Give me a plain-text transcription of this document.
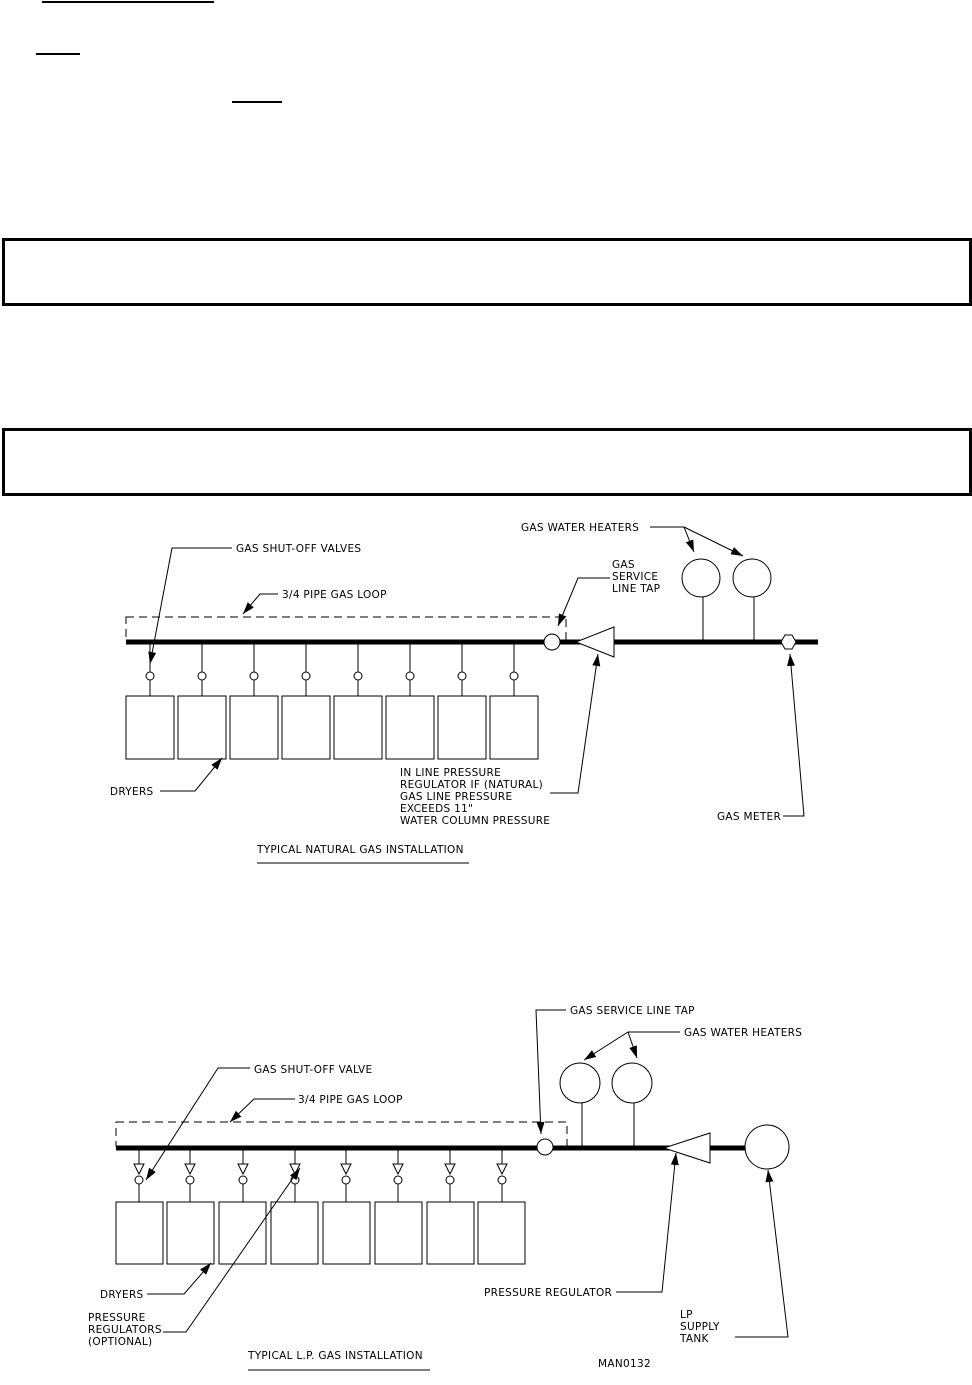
GAS WATER HEATERS
GAS SHUT-OFF VALVES
3/4 PIPE GAS LOOP
GAS
SERVICE
LINE TAP
DRYERS
IN LINE PRESSURE
REGULATOR IF (NATURAL)
GAS LINE PRESSURE
EXCEEDS 11"
WATER COLUMN PRESSURE	GAS METER
TYPICAL NATURAL GAS INSTALLATION
GAS SERVICE LINE TAP
GAS WATER HEATERS
GAS SHUT-OFF VALVE
3/4 PIPE GAS LOOP
DRYERS
PRESSURE
REGULATORS
(OPTIONAL)
PRESSURE REGULATOR
LP
SUPPLY
TANK
TYPICAL L.P. GAS INSTALLATION
MAN0132
